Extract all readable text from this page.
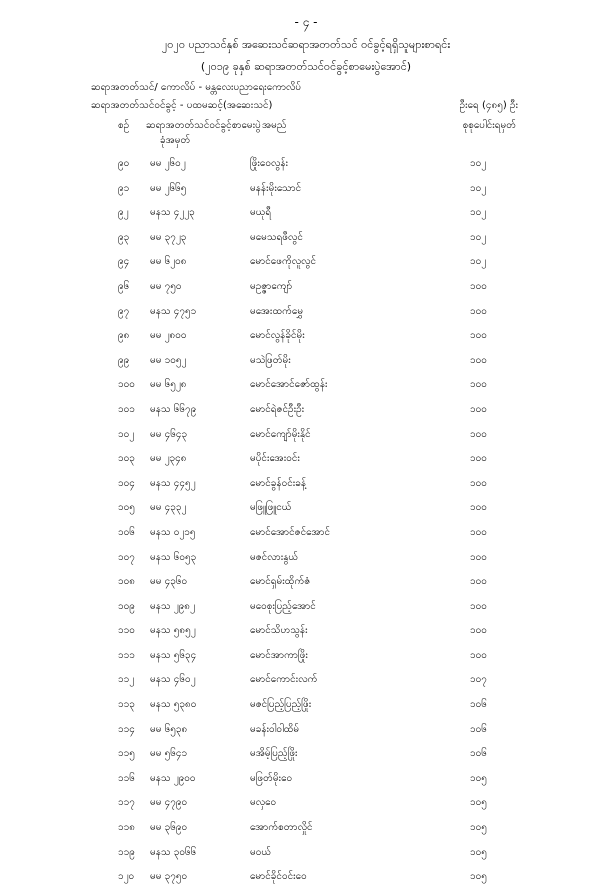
- ၄ -
၂၀၂၀ ပညာသင်နှစ် အဆေးသင်ဆရာအတတ်သင် ဝင်ခွင့်ရရှိသူများစာရင်း
(၂၀၁၉ ခုနှစ် ဆရာအတတ်သင်ဝင်ခွင့်စာမေးပွဲအောင်)
ဆရာအတတ်သင်/ ကောလိပ် - မန္တလေးပညာရေးကောလိပ်
ဆရာအတတ်သင်ဝင်ခွင့် - ပထမဆင့်(အဆေးသင်)	ဦးရေ (၄၈၅) ဦး
စဉ် ဆရာအတတ်သင်ဝင်ခွင့်စာမေးပွဲ
ခုံအမှတ်
အမည်	စုစုပေါင်းရမှတ်
၉၀ မမ ၂၆၀၂	ဖြိုးဝေလွန်း	၁၀၂
၉၁ မမ ၂၆၆၅	မနန်းမိုးသောင်	၁၀၂
၉၂ မနသ ၄၂၂၃	မယုရီ	၁၀၂
၉၃ မမ ၃၇၂၃	မမေသရဖီလွင်	၁၀၂
၉၄ မမ ၆၂၀၈	မောင်ဖေကိုလူလွင်	၁၀၂
၉၆ မမ ၇၅၀	မဥဇ္ဇာကျော်	၁၀၀
၉၇ မနသ ၄၇၅၁	မအေးထက်မွှေ	၁၀၀
၉၈ မမ ၂၈၀၀	မောင်လွန်ခိုင်မိုး	၁၀၀
၉၉ မမ ၁၀၅၂	မသဲဖြတ်မိုး	၁၀၀
၁၀၀ မမ ၆၅၂၈	မောင်အောင်ဇော်ထွန်း	၁၀၀
၁၀၁ မနသ ၆၆၇၉	မောင်ရဲဇင်ဦးဦး	၁၀၀
၁၀၂ မမ ၄၆၄၃	မောင်ကျော်မိုးနိုင်	၁၀၀
၁၀၃ မမ ၂၃၄၈	မပိုင်းအေးဝင်း	၁၀၀
၁၀၄ မနသ ၄၄၅၂	မောင်ခွန်ဝင်းခန့်	၁၀၀
၁၀၅ မမ ၄၃၃၂	မဖြူဖြူငယ်	၁၀၀
၁၀၆ မနသ ၀၂၁၅	မောင်အောင်ဇင်အောင်	၁၀၀
၁၀၇ မနသ ၆၀၅၃	မဇင်လားနွယ်	၁၀၀
၁၀၈ မမ ၄၃၆၀	မောင်ရှမ်းထိုက်ဇံ	၁၀၀
၁၀၉ မနသ ၂၉၈၂	မဝေစုးပြည့်အောင်	၁၀၀
၁၁၀ မနသ ၅၈၅၂	မောင်သိဟသွန်း	၁၀၀
၁၁၁ မနသ ၅၆၃၄	မောင်အာကာဖြိုး	၁၀၀
၁၁၂ မနသ ၄၆၀၂	မောင်ကောင်းလက်	၁၀၇
၁၁၃ မနသ ၅၃၈၀	မဇင်ပြည့်ပြည့်ဖြိုး	၁၀၆
၁၁၄ မမ ၆၅၃၈	မခန်းဝါဝါထိမ်	၁၀၆
၁၁၅ မမ ၅၆၄၁	မအိမ့်ပြည့်ဖြိုး	၁၀၆
၁၁၆ မနသ ၂၉၀၀	မဖြတ်မိုးဝေ	၁၀၅
၁၁၇ မမ ၄၇၉၀	မလှဝေ	၁၀၅
၁၁၈ မမ ၃၆၉၀	အောက်စတာလှိုင်	၁၀၅
၁၁၉ မနသ ၃၀၆၆	မဝယ်	၁၀၅
၁၂၀ မမ ၃၇၅၀	မောင်ခိုင်ဝင်းဝေ	၁၀၅
